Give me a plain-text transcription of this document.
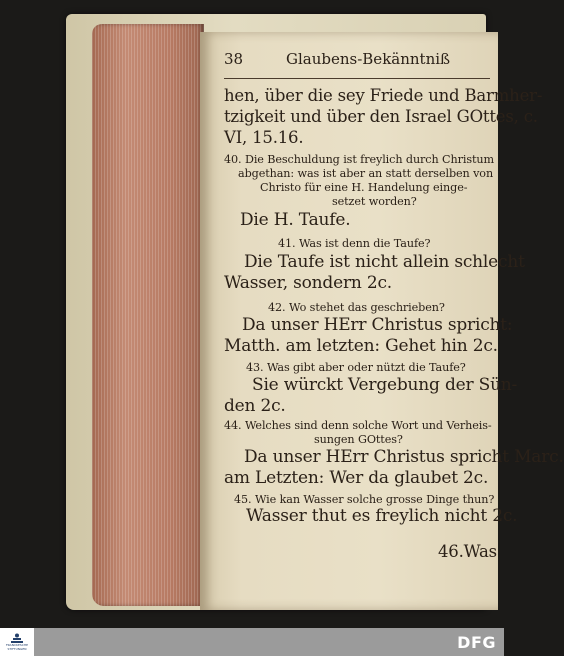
38	Glaubens-Bekänntniß
hen, über die sey Friede und Barmher-
tzigkeit und über den Israel GOttes, c.
VI, 15.16.
40. Die Beschuldung ist freylich durch Christum
abgethan: was ist aber an statt derselben von
Christo für eine H. Handelung einge-
setzet worden?
Die H. Taufe.
41. Was ist denn die Taufe?
Die Taufe ist nicht allein schlecht
Wasser, sondern 2c.
42. Wo stehet das geschrieben?
Da unser HErr Christus spricht:
Matth. am letzten: Gehet hin 2c.
43. Was gibt aber oder nützt die Taufe?
Sie würckt Vergebung der Sün-
den 2c.
44. Welches sind denn solche Wort und Verheis-
sungen GOttes?
Da unser HErr Christus spricht Marc.
am Letzten: Wer da glaubet 2c.
45. Wie kan Wasser solche grosse Dinge thun?
Wasser thut es freylich nicht 2c.
46.Was
FRANCKESCHE
STIFTUNGEN	DFG
